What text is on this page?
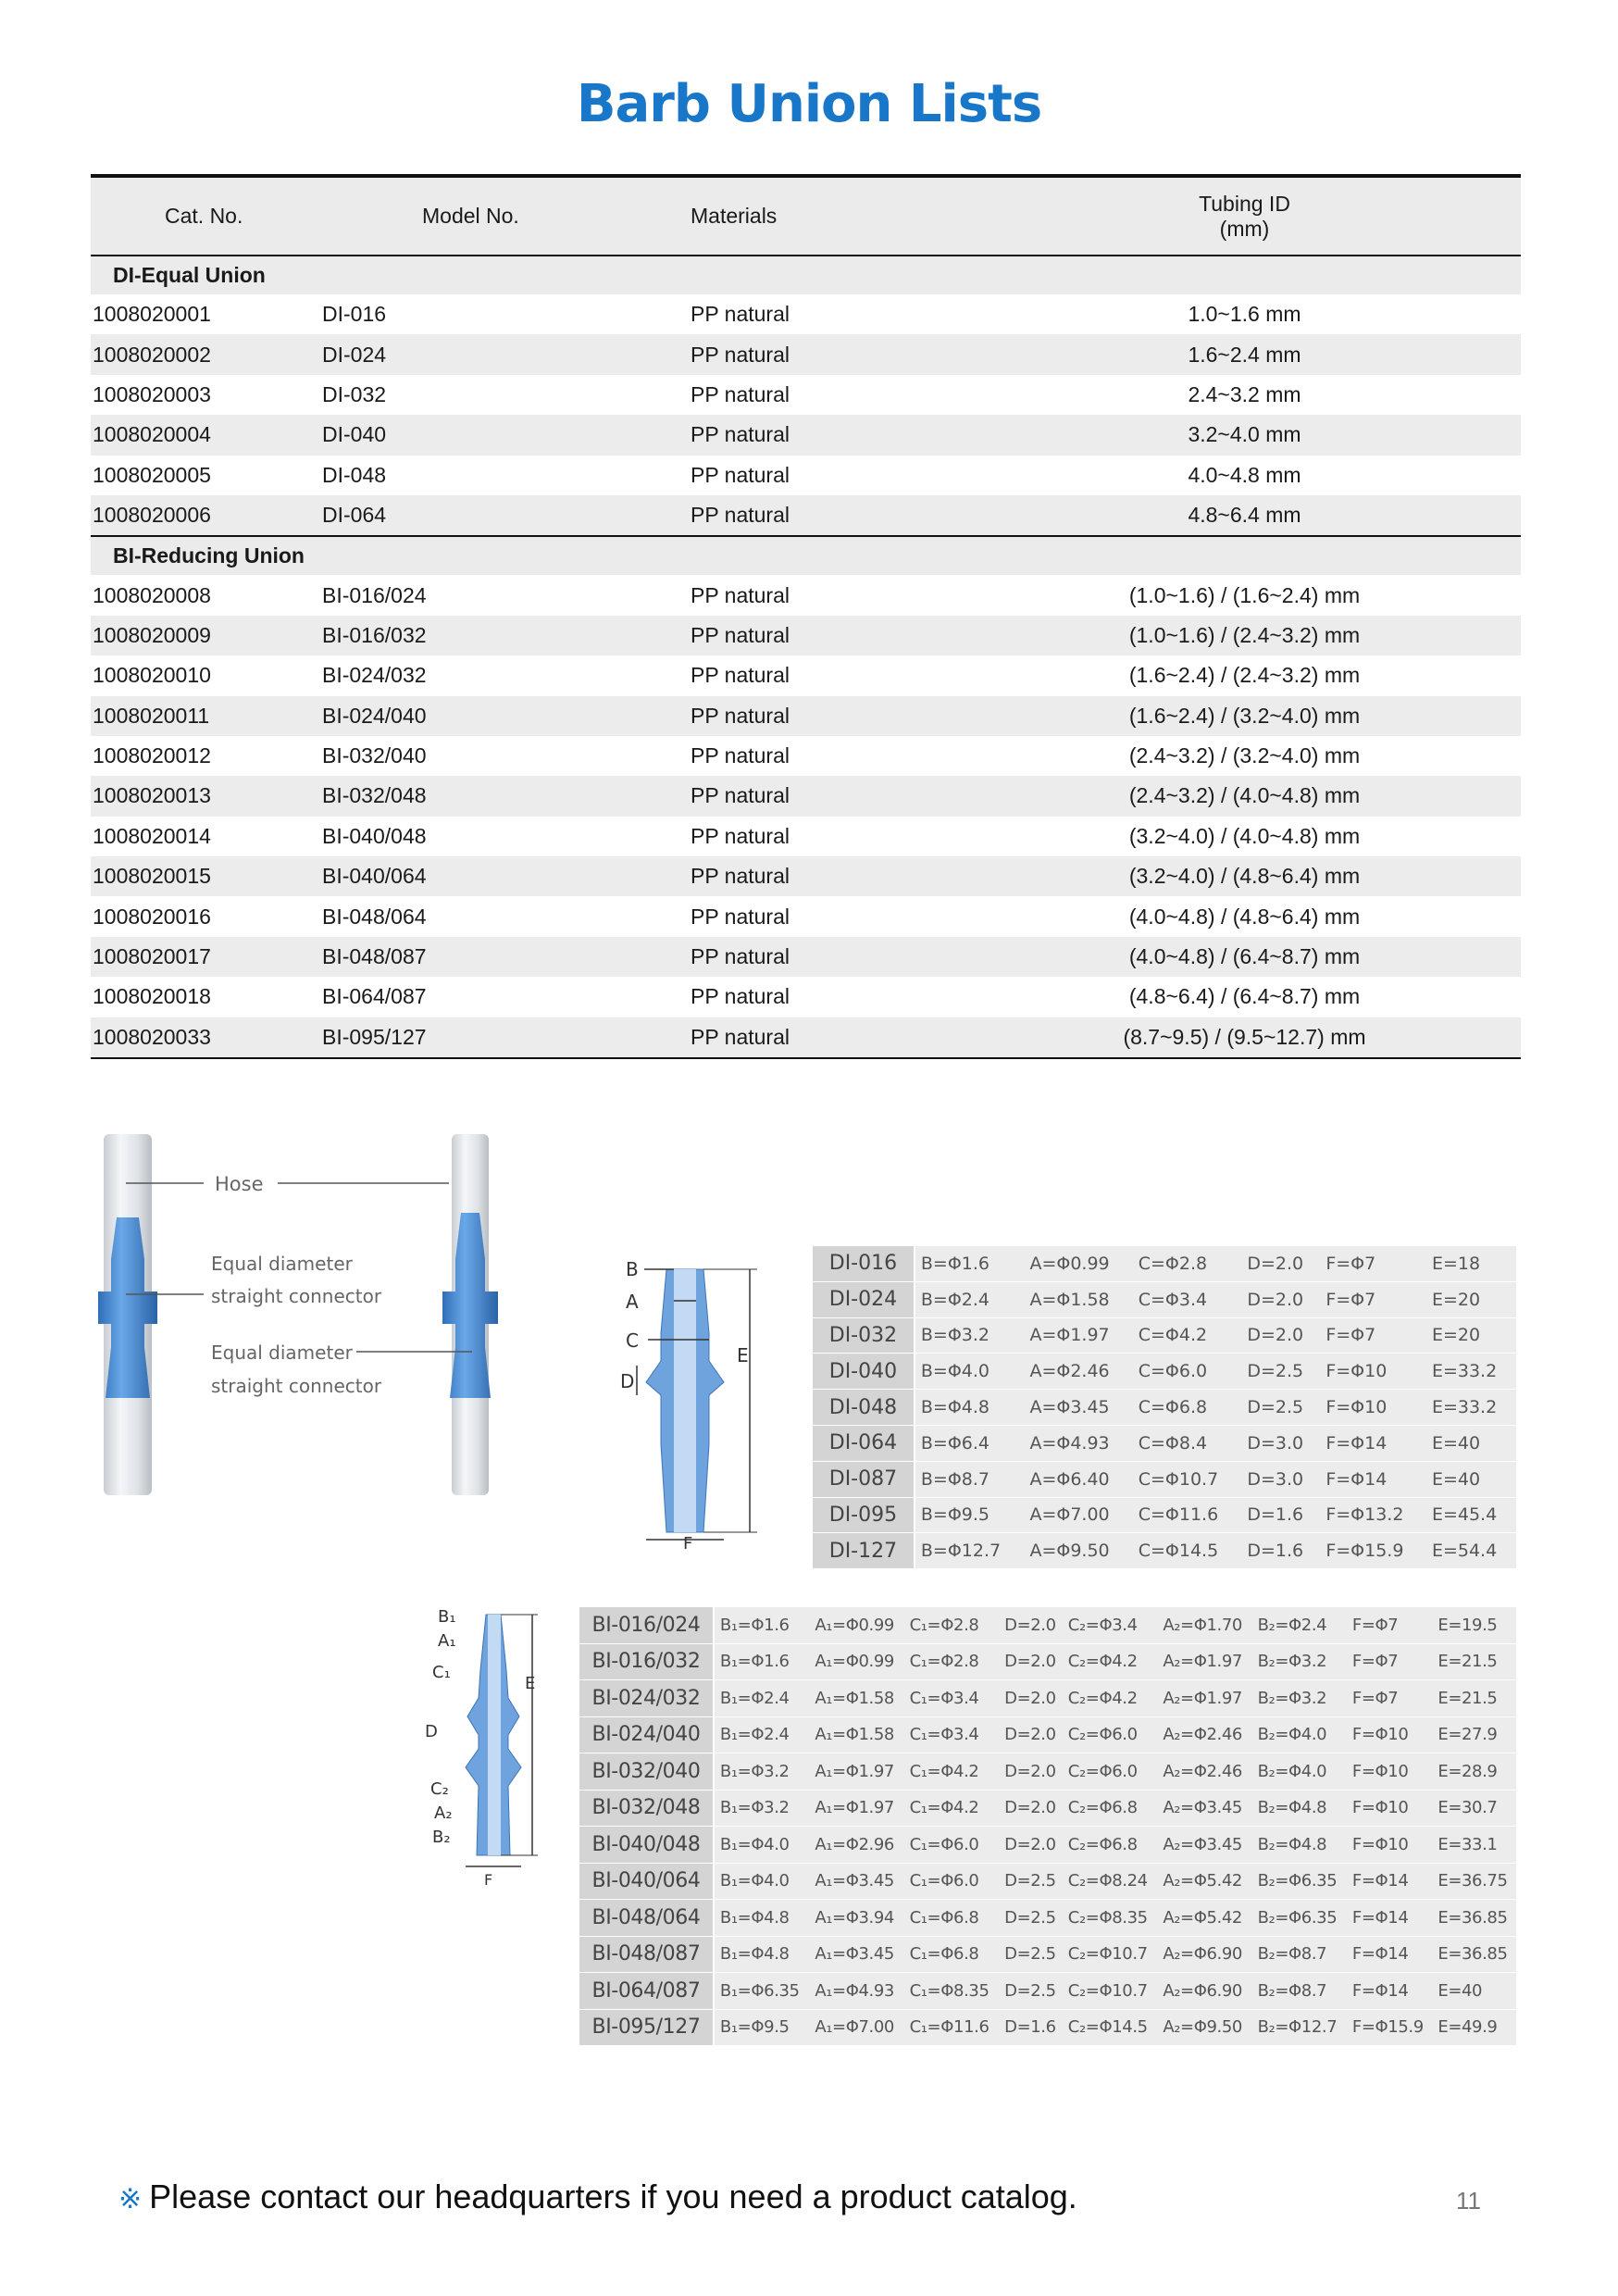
Barb Union Lists
Cat. No.	Model No.	Materials	Tubing ID
(mm)
DI-Equal Union			
1008020001	DI-016	PP natural	1.0~1.6 mm
1008020002	DI-024	PP natural	1.6~2.4 mm
1008020003	DI-032	PP natural	2.4~3.2 mm
1008020004	DI-040	PP natural	3.2~4.0 mm
1008020005	DI-048	PP natural	4.0~4.8 mm
1008020006	DI-064	PP natural	4.8~6.4 mm
BI-Reducing Union			
1008020008	BI-016/024	PP natural	(1.0~1.6) / (1.6~2.4) mm
1008020009	BI-016/032	PP natural	(1.0~1.6) / (2.4~3.2) mm
1008020010	BI-024/032	PP natural	(1.6~2.4) / (2.4~3.2) mm
1008020011	BI-024/040	PP natural	(1.6~2.4) / (3.2~4.0) mm
1008020012	BI-032/040	PP natural	(2.4~3.2) / (3.2~4.0) mm
1008020013	BI-032/048	PP natural	(2.4~3.2) / (4.0~4.8) mm
1008020014	BI-040/048	PP natural	(3.2~4.0) / (4.0~4.8) mm
1008020015	BI-040/064	PP natural	(3.2~4.0) / (4.8~6.4) mm
1008020016	BI-048/064	PP natural	(4.0~4.8) / (4.8~6.4) mm
1008020017	BI-048/087	PP natural	(4.0~4.8) / (6.4~8.7) mm
1008020018	BI-064/087	PP natural	(4.8~6.4) / (6.4~8.7) mm
1008020033	BI-095/127	PP natural	(8.7~9.5) / (9.5~12.7) mm
Hose
Equal diameter
straight connector
Equal diameter
straight connector
B
A
C
D
E
F
DI-016	B=Φ1.6	A=Φ0.99	C=Φ2.8	D=2.0	F=Φ7	E=18
DI-024	B=Φ2.4	A=Φ1.58	C=Φ3.4	D=2.0	F=Φ7	E=20
DI-032	B=Φ3.2	A=Φ1.97	C=Φ4.2	D=2.0	F=Φ7	E=20
DI-040	B=Φ4.0	A=Φ2.46	C=Φ6.0	D=2.5	F=Φ10	E=33.2
DI-048	B=Φ4.8	A=Φ3.45	C=Φ6.8	D=2.5	F=Φ10	E=33.2
DI-064	B=Φ6.4	A=Φ4.93	C=Φ8.4	D=3.0	F=Φ14	E=40
DI-087	B=Φ8.7	A=Φ6.40	C=Φ10.7	D=3.0	F=Φ14	E=40
DI-095	B=Φ9.5	A=Φ7.00	C=Φ11.6	D=1.6	F=Φ13.2	E=45.4
DI-127	B=Φ12.7	A=Φ9.50	C=Φ14.5	D=1.6	F=Φ15.9	E=54.4
B₁
A₁
C₁
D
C₂
A₂
B₂
E
F
BI-016/024	B₁=Φ1.6	A₁=Φ0.99	C₁=Φ2.8	D=2.0	C₂=Φ3.4	A₂=Φ1.70	B₂=Φ2.4	F=Φ7	E=19.5
BI-016/032	B₁=Φ1.6	A₁=Φ0.99	C₁=Φ2.8	D=2.0	C₂=Φ4.2	A₂=Φ1.97	B₂=Φ3.2	F=Φ7	E=21.5
BI-024/032	B₁=Φ2.4	A₁=Φ1.58	C₁=Φ3.4	D=2.0	C₂=Φ4.2	A₂=Φ1.97	B₂=Φ3.2	F=Φ7	E=21.5
BI-024/040	B₁=Φ2.4	A₁=Φ1.58	C₁=Φ3.4	D=2.0	C₂=Φ6.0	A₂=Φ2.46	B₂=Φ4.0	F=Φ10	E=27.9
BI-032/040	B₁=Φ3.2	A₁=Φ1.97	C₁=Φ4.2	D=2.0	C₂=Φ6.0	A₂=Φ2.46	B₂=Φ4.0	F=Φ10	E=28.9
BI-032/048	B₁=Φ3.2	A₁=Φ1.97	C₁=Φ4.2	D=2.0	C₂=Φ6.8	A₂=Φ3.45	B₂=Φ4.8	F=Φ10	E=30.7
BI-040/048	B₁=Φ4.0	A₁=Φ2.96	C₁=Φ6.0	D=2.0	C₂=Φ6.8	A₂=Φ3.45	B₂=Φ4.8	F=Φ10	E=33.1
BI-040/064	B₁=Φ4.0	A₁=Φ3.45	C₁=Φ6.0	D=2.5	C₂=Φ8.24	A₂=Φ5.42	B₂=Φ6.35	F=Φ14	E=36.75
BI-048/064	B₁=Φ4.8	A₁=Φ3.94	C₁=Φ6.8	D=2.5	C₂=Φ8.35	A₂=Φ5.42	B₂=Φ6.35	F=Φ14	E=36.85
BI-048/087	B₁=Φ4.8	A₁=Φ3.45	C₁=Φ6.8	D=2.5	C₂=Φ10.7	A₂=Φ6.90	B₂=Φ8.7	F=Φ14	E=36.85
BI-064/087	B₁=Φ6.35	A₁=Φ4.93	C₁=Φ8.35	D=2.5	C₂=Φ10.7	A₂=Φ6.90	B₂=Φ8.7	F=Φ14	E=40
BI-095/127	B₁=Φ9.5	A₁=Φ7.00	C₁=Φ11.6	D=1.6	C₂=Φ14.5	A₂=Φ9.50	B₂=Φ12.7	F=Φ15.9	E=49.9
※ Please contact our headquarters if you need a product catalog.	11
